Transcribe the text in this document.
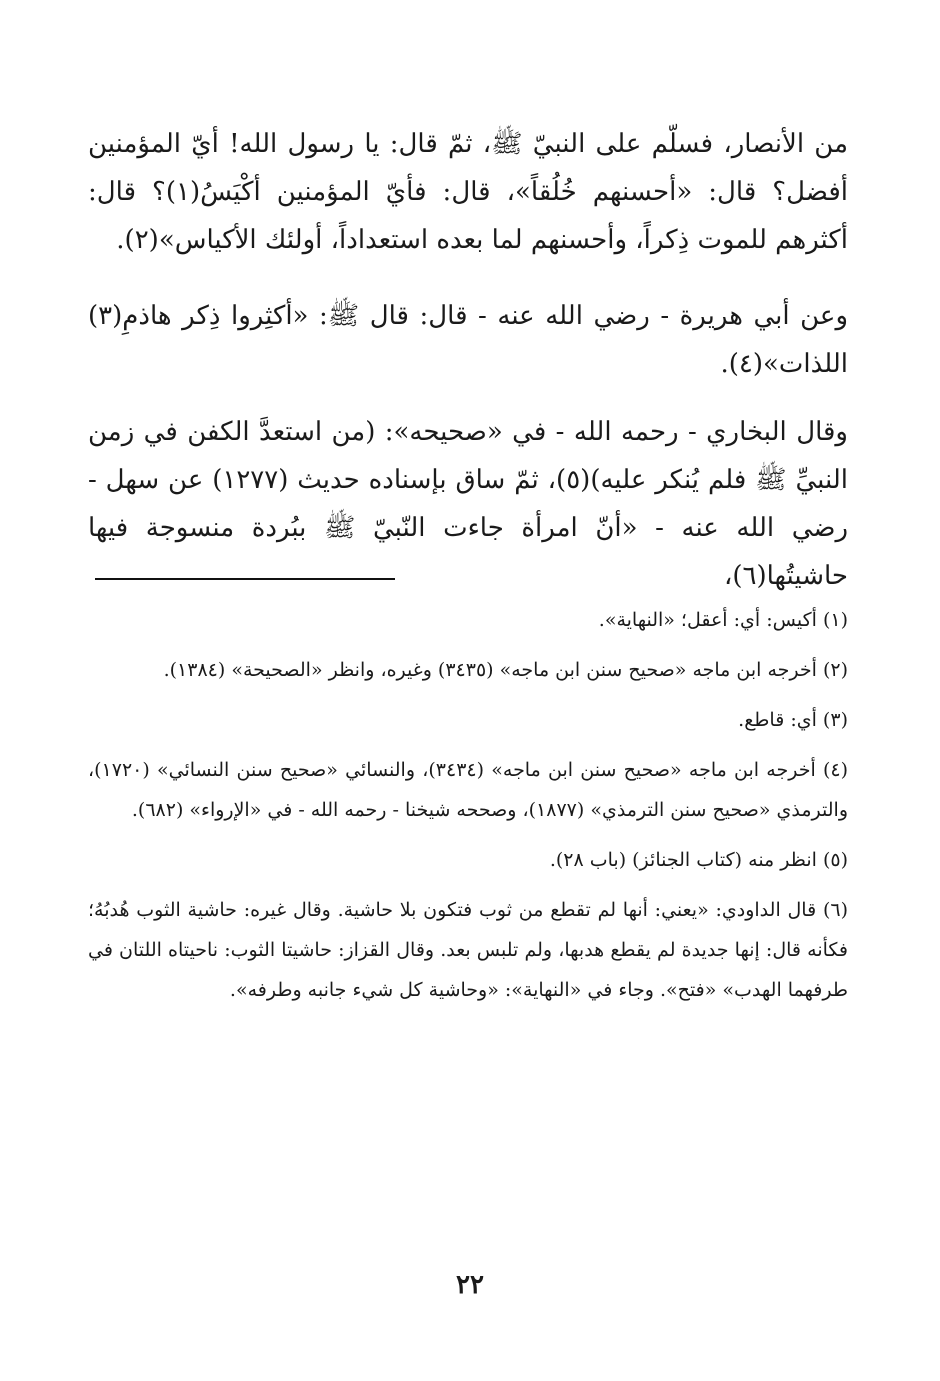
من الأنصار، فسلّم على النبيّ ﷺ، ثمّ قال: يا رسول الله! أيّ المؤمنين أفضل؟ قال: «أحسنهم خُلُقاً»، قال: فأيّ المؤمنين أكْيَسُ(١)؟ قال: أكثرهم للموت ذِكراً، وأحسنهم لما بعده استعداداً، أولئك الأكياس»(٢).

وعن أبي هريرة - رضي الله عنه - قال: قال ﷺ: «أكثِروا ذِكر هاذمِ(٣) اللذات»(٤).

وقال البخاري - رحمه الله - في «صحيحه»: (من استعدَّ الكفن في زمن النبيِّ ﷺ فلم يُنكر عليه)(٥)، ثمّ ساق بإسناده حديث (١٢٧٧) عن سهل - رضي الله عنه - «أنّ امرأة جاءت النّبيّ ﷺ ببُردة منسوجة فيها حاشيتُها(٦)،

(١) أكيس: أي: أعقل؛ «النهاية».

(٢) أخرجه ابن ماجه «صحيح سنن ابن ماجه» (٣٤٣٥) وغيره، وانظر «الصحيحة» (١٣٨٤).

(٣) أي: قاطع.

(٤) أخرجه ابن ماجه «صحيح سنن ابن ماجه» (٣٤٣٤)، والنسائي «صحيح سنن النسائي» (١٧٢٠)، والترمذي «صحيح سنن الترمذي» (١٨٧٧)، وصححه شيخنا - رحمه الله - في «الإرواء» (٦٨٢).

(٥) انظر منه (كتاب الجنائز) (باب ٢٨).

(٦) قال الداودي: «يعني: أنها لم تقطع من ثوب فتكون بلا حاشية. وقال غيره: حاشية الثوب هُدبُهُ؛ فكأنه قال: إنها جديدة لم يقطع هدبها، ولم تلبس بعد. وقال القزاز: حاشيتا الثوب: ناحيتاه اللتان في طرفهما الهدب» «فتح». وجاء في «النهاية»: «وحاشية كل شيء جانبه وطرفه».

٢٢
